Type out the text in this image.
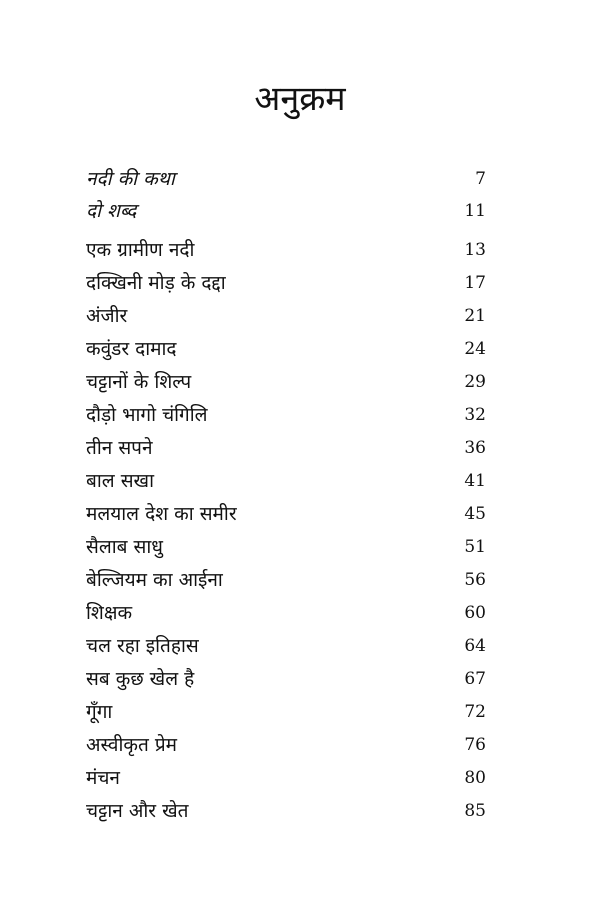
अनुक्रम
नदी की कथा	7
दो शब्द	11
एक ग्रामीण नदी	13
दक्खिनी मोड़ के दद्दा	17
अंजीर	21
कवुंडर दामाद	24
चट्टानों के शिल्प	29
दौड़ो भागो चंगिलि	32
तीन सपने	36
बाल सखा	41
मलयाल देश का समीर	45
सैलाब साधु	51
बेल्जियम का आईना	56
शिक्षक	60
चल रहा इतिहास	64
सब कुछ खेल है	67
गूँगा	72
अस्वीकृत प्रेम	76
मंचन	80
चट्टान और खेत	85
